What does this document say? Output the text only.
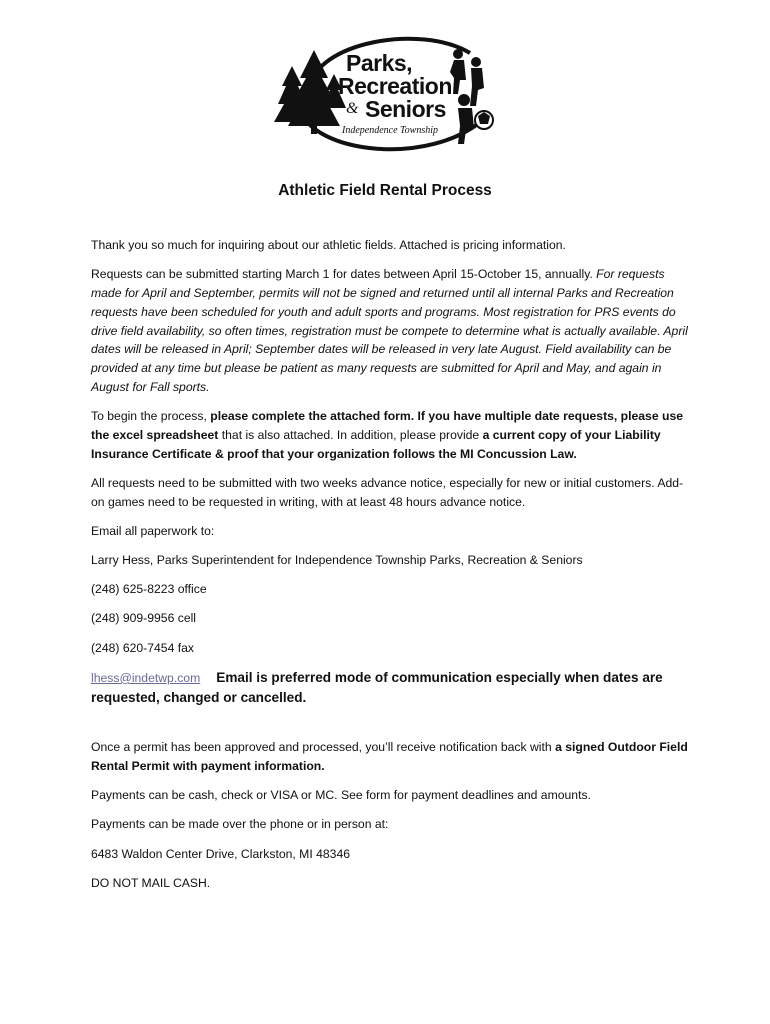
Parks,
Recreation
& Seniors
Independence Township
Athletic Field Rental Process

Thank you so much for inquiring about our athletic fields. Attached is pricing information.

Requests can be submitted starting March 1 for dates between April 15-October 15, annually. For requests made for April and September, permits will not be signed and returned until all internal Parks and Recreation requests have been scheduled for youth and adult sports and programs. Most registration for PRS events do drive field availability, so often times, registration must be compete to determine what is actually available. April dates will be released in April; September dates will be released in very late August. Field availability can be provided at any time but please be patient as many requests are submitted for April and May, and again in August for Fall sports.

To begin the process, please complete the attached form. If you have multiple date requests, please use the excel spreadsheet that is also attached. In addition, please provide a current copy of your Liability Insurance Certificate & proof that your organization follows the MI Concussion Law.

All requests need to be submitted with two weeks advance notice, especially for new or initial customers. Add-on games need to be requested in writing, with at least 48 hours advance notice.

Email all paperwork to:

Larry Hess, Parks Superintendent for Independence Township Parks, Recreation & Seniors

(248) 625-8223 office

(248) 909-9956 cell

(248) 620-7454 fax

lhess@indetwp.com Email is preferred mode of communication especially when dates are requested, changed or cancelled.

Once a permit has been approved and processed, you’ll receive notification back with a signed Outdoor Field Rental Permit with payment information.

Payments can be cash, check or VISA or MC. See form for payment deadlines and amounts.

Payments can be made over the phone or in person at:

6483 Waldon Center Drive, Clarkston, MI 48346

DO NOT MAIL CASH.
